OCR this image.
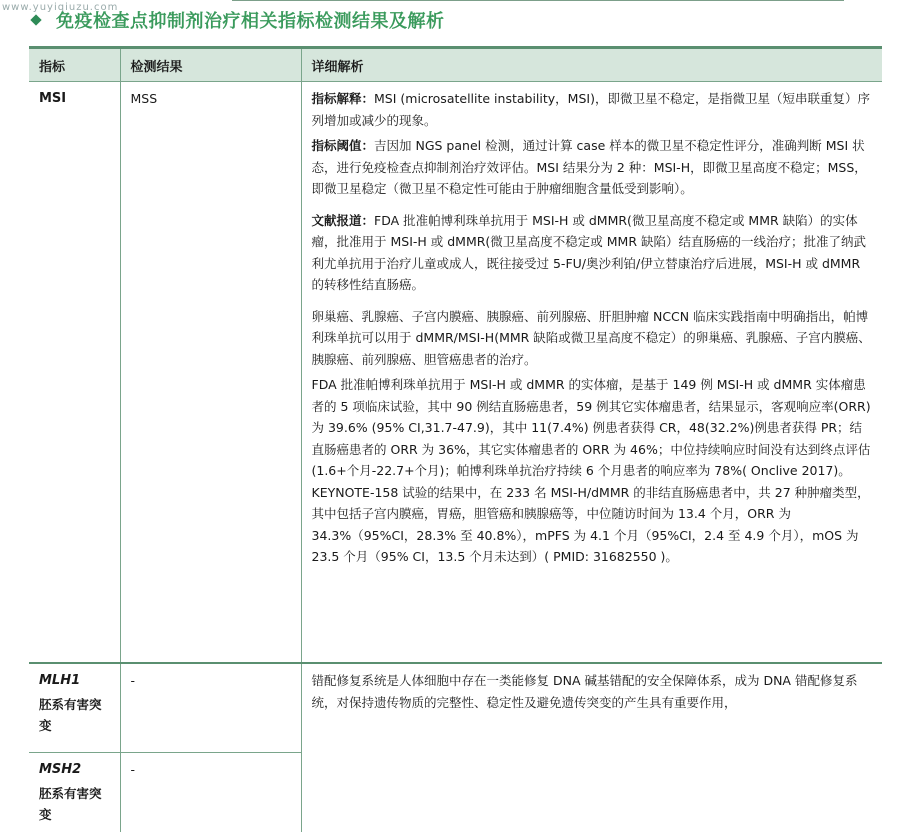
www.yuyiqiuzu.com
免疫检查点抑制剂治疗相关指标检测结果及解析
指标	检测结果	详细解析

MSI	MSS	指标解释：MSI (microsatellite instability，MSI)，即微卫星不稳定，是指微卫星（短串联重复）序列增加或减少的现象。

指标阈值：吉因加 NGS panel 检测，通过计算 case 样本的微卫星不稳定性评分，准确判断 MSI 状态，进行免疫检查点抑制剂治疗效评估。MSI 结果分为 2 种：MSI-H，即微卫星高度不稳定；MSS，即微卫星稳定（微卫星不稳定性可能由于肿瘤细胞含量低受到影响）。

文献报道：FDA 批准帕博利珠单抗用于 MSI-H 或 dMMR(微卫星高度不稳定或 MMR 缺陷）的实体瘤，批准用于 MSI-H 或 dMMR(微卫星高度不稳定或 MMR 缺陷）结直肠癌的一线治疗；批准了纳武利尤单抗用于治疗儿童或成人，既往接受过 5-FU/奥沙利铂/伊立替康治疗后进展，MSI-H 或 dMMR 的转移性结直肠癌。

卵巢癌、乳腺癌、子宫内膜癌、胰腺癌、前列腺癌、肝胆肿瘤 NCCN 临床实践指南中明确指出，帕博利珠单抗可以用于 dMMR/MSI-H(MMR 缺陷或微卫星高度不稳定）的卵巢癌、乳腺癌、子宫内膜癌、胰腺癌、前列腺癌、胆管癌患者的治疗。

FDA 批准帕博利珠单抗用于 MSI-H 或 dMMR 的实体瘤，是基于 149 例 MSI-H 或 dMMR 实体瘤患者的 5 项临床试验，其中 90 例结直肠癌患者，59 例其它实体瘤患者，结果显示，客观响应率(ORR)为 39.6% (95% CI,31.7-47.9)，其中 11(7.4%) 例患者获得 CR，48(32.2%)例患者获得 PR；结直肠癌患者的 ORR 为 36%，其它实体瘤患者的 ORR 为 46%；中位持续响应时间没有达到终点评估(1.6+个月-22.7+个月)；帕博利珠单抗治疗持续 6 个月患者的响应率为 78%( Onclive 2017)。KEYNOTE-158 试验的结果中，在 233 名 MSI-H/dMMR 的非结直肠癌患者中，共 27 种肿瘤类型，其中包括子宫内膜癌，胃癌，胆管癌和胰腺癌等，中位随访时间为 13.4 个月，ORR 为 34.3%（95%CI，28.3% 至 40.8%），mPFS 为 4.1 个月（95%CI，2.4 至 4.9 个月），mOS 为 23.5 个月（95% CI，13.5 个月未达到）( PMID: 31682550 )。

MLH1
胚系有害突变	-	错配修复系统是人体细胞中存在一类能修复 DNA 碱基错配的安全保障体系，成为 DNA 错配修复系统，对保持遗传物质的完整性、稳定性及避免遗传突变的产生具有重要作用，

MSH2
胚系有害突变	-	
